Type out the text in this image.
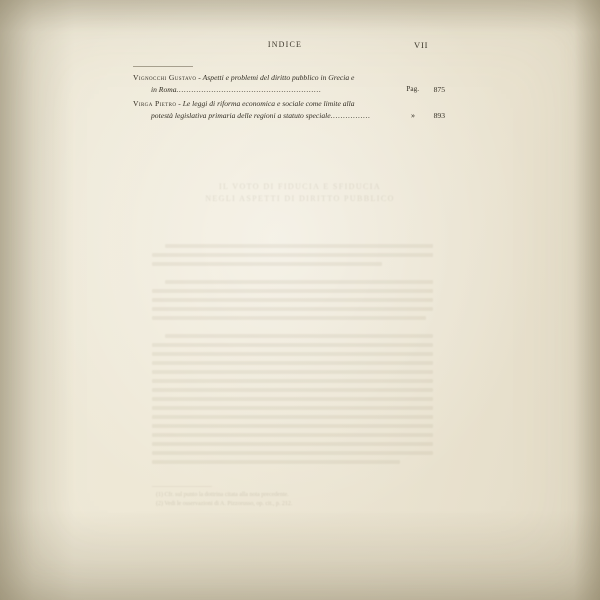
IL VOTO DI FIDUCIA E SFIDUCIA
NEGLI ASPETTI DI DIRITTO PUBBLICO
(1) Cfr. sul punto la dottrina citata alla nota precedente.
(2) Vedi le osservazioni di A. Pizzorusso, op. cit., p. 212.
INDICE	VII
Vignocchi Gustavo - Aspetti e problemi del diritto pubblico in Grecia e
in Roma..........................................................	Pag. 875
Virga Pietro - Le leggi di riforma economica e sociale come limite alla
potestà legislativa primaria delle regioni a statuto speciale................	» 893
